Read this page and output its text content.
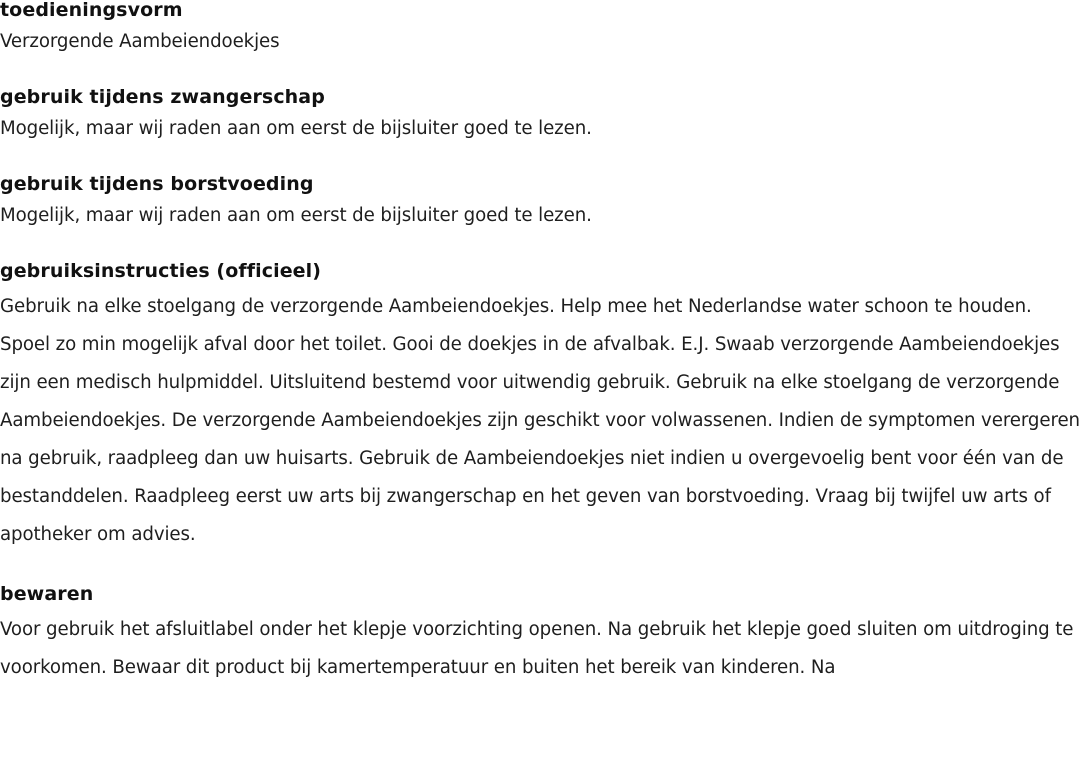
toedieningsvorm

Verzorgende Aambeiendoekjes

gebruik tijdens zwangerschap

Mogelijk, maar wij raden aan om eerst de bijsluiter goed te lezen.

gebruik tijdens borstvoeding

Mogelijk, maar wij raden aan om eerst de bijsluiter goed te lezen.

gebruiksinstructies (officieel)

Gebruik na elke stoelgang de verzorgende Aambeiendoekjes. Help mee het Nederlandse water schoon te houden. Spoel zo min mogelijk afval door het toilet. Gooi de doekjes in de afvalbak. E.J. Swaab verzorgende Aambeiendoekjes zijn een medisch hulpmiddel. Uitsluitend bestemd voor uitwendig gebruik. Gebruik na elke stoelgang de verzorgende Aambeiendoekjes. De verzorgende Aambeiendoekjes zijn geschikt voor volwassenen. Indien de symptomen verergeren na gebruik, raadpleeg dan uw huisarts. Gebruik de Aambeiendoekjes niet indien u overgevoelig bent voor één van de bestanddelen. Raadpleeg eerst uw arts bij zwangerschap en het geven van borstvoeding. Vraag bij twijfel uw arts of apotheker om advies.

bewaren

Voor gebruik het afsluitlabel onder het klepje voorzichting openen. Na gebruik het klepje goed sluiten om uitdroging te voorkomen. Bewaar dit product bij kamertemperatuur en buiten het bereik van kinderen. Na
